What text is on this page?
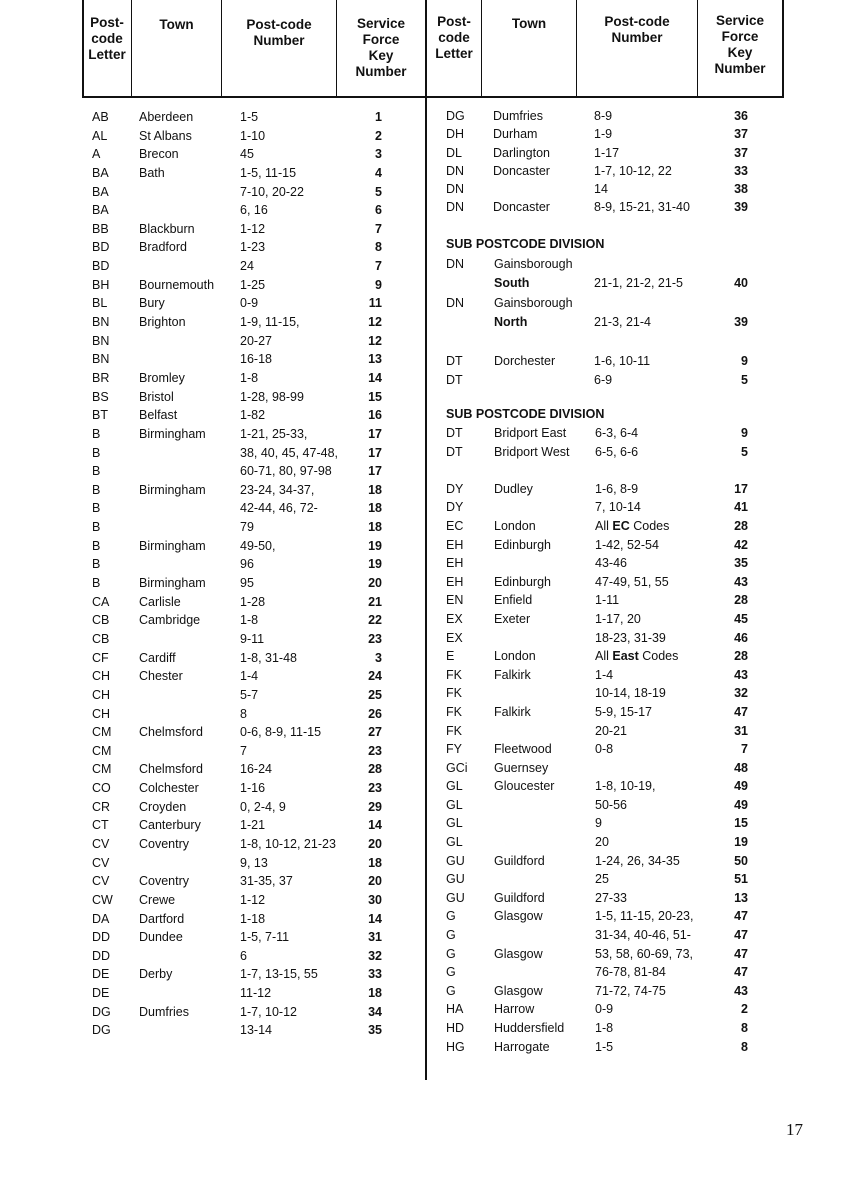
Post-
code
Letter
Town	Post-code
Number
Service
Force
Key
Number
Post-
code
Letter
Town	Post-code
Number
Service
Force
Key
Number
AB Aberdeen	1-5	1
AL	St Albans	1-10	2
A	Brecon	45	3
BA Bath	1-5, 11-15	4
BA	7-10, 20-22	5
BA	6, 16	6
BB Blackburn	1-12	7
BD Bradford	1-23	8
BD	24	7
BH Bournemouth 1-25	9
BL	Bury	0-9	11
BN Brighton	1-9, 11-15,	12
BN	20-27	12
BN	16-18	13
BR Bromley	1-8	14
BS Bristol	1-28, 98-99	15
BT Belfast	1-82	16
B	Birmingham	1-21, 25-33,	17
B	38, 40, 45, 47-48, 17
B	60-71, 80, 97-98	17
B	Birmingham	23-24, 34-37,	18
B	42-44, 46, 72-	18
B	79	18
B	Birmingham	49-50,	19
B	96	19
B	Birmingham	95	20
CA Carlisle	1-28	21
CB Cambridge	1-8	22
CB	9-11	23
CF Cardiff	1-8, 31-48	3
CH Chester	1-4	24
CH	5-7	25
CH	8	26
CM Chelmsford	0-6, 8-9, 11-15	27
CM	7	23
CM Chelmsford	16-24	28
CO Colchester	1-16	23
CR Croyden	0, 2-4, 9	29
CT Canterbury	1-21	14
CV Coventry	1-8, 10-12, 21-23	20
CV	9, 13	18
CV Coventry	31-35, 37	20
CW Crewe	1-12	30
DA Dartford	1-18	14
DD Dundee	1-5, 7-11	31
DD	6	32
DE Derby	1-7, 13-15, 55	33
DE	11-12	18
DG Dumfries	1-7, 10-12	34
DG	13-14	35
DG Dumfries	8-9	36
DH Durham	1-9	37
DL Darlington	1-17	37
DN Doncaster	1-7, 10-12, 22	33
DN	14	38
DN Doncaster	8-9, 15-21, 31-40	39
SUB POSTCODE DIVISION
DN Gainsborough
South	21-1, 21-2, 21-5	40
DN Gainsborough
North	21-3, 21-4	39
DT	Dorchester	1-6, 10-11	9
DT	6-9	5
SUB POSTCODE DIVISION
DT	Bridport East 6-3, 6-4	9
DT	Bridport West 6-5, 6-6	5
DY Dudley	1-6, 8-9	17
DY	7, 10-14	41
EC London	All EC Codes	28
EH Edinburgh	1-42, 52-54	42
EH	43-46	35
EH Edinburgh	47-49, 51, 55	43
EN Enfield	1-11	28
EX	Exeter	1-17, 20	45
EX	18-23, 31-39	46
E	London	All East Codes	28
FK	Falkirk	1-4	43
FK	10-14, 18-19	32
FK	Falkirk	5-9, 15-17	47
FK	20-21	31
FY	Fleetwood	0-8	7
GCi Guernsey	48
GL	Gloucester	1-8, 10-19,	49
GL	50-56	49
GL	9	15
GL	20	19
GU Guildford	1-24, 26, 34-35	50
GU	25	51
GU Guildford	27-33	13
G	Glasgow	1-5, 11-15, 20-23,	47
G	31-34, 40-46, 51-	47
G	Glasgow	53, 58, 60-69, 73,	47
G	76-78, 81-84	47
G	Glasgow	71-72, 74-75	43
HA Harrow	0-9	2
HD Huddersfield 1-8	8
HG Harrogate	1-5	8
17
